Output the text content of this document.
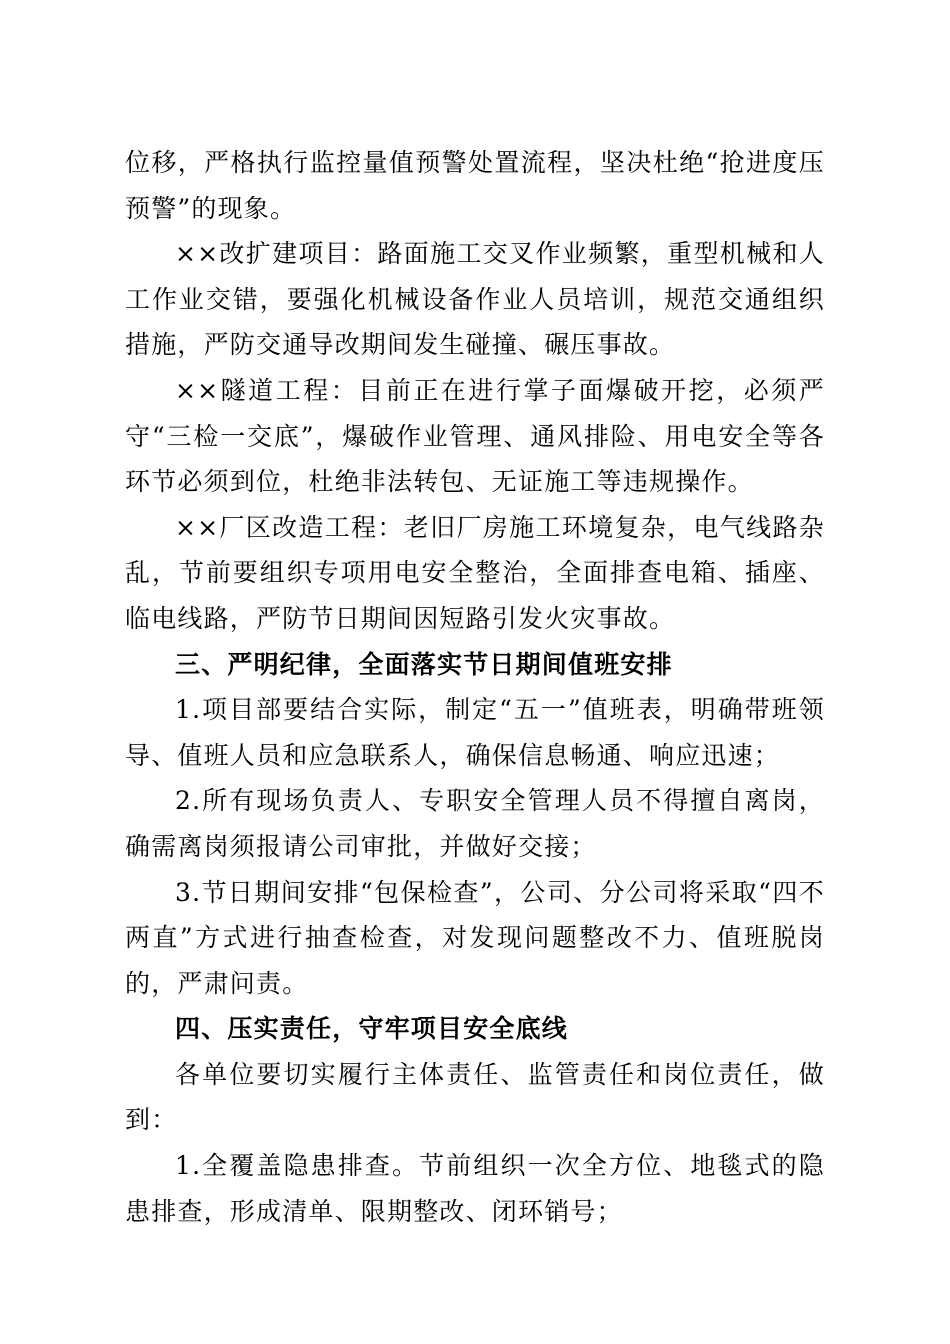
位移，严格执行监控量值预警处置流程，坚决杜绝“抢进度压预警”的现象。

××改扩建项目：路面施工交叉作业频繁，重型机械和人工作业交错，要强化机械设备作业人员培训，规范交通组织措施，严防交通导改期间发生碰撞、碾压事故。

××隧道工程：目前正在进行掌子面爆破开挖，必须严守“三检一交底”，爆破作业管理、通风排险、用电安全等各环节必须到位，杜绝非法转包、无证施工等违规操作。

××厂区改造工程：老旧厂房施工环境复杂，电气线路杂乱，节前要组织专项用电安全整治，全面排查电箱、插座、临电线路，严防节日期间因短路引发火灾事故。

三、严明纪律，全面落实节日期间值班安排

1.项目部要结合实际，制定“五一”值班表，明确带班领导、值班人员和应急联系人，确保信息畅通、响应迅速；

2.所有现场负责人、专职安全管理人员不得擅自离岗，确需离岗须报请公司审批，并做好交接；

3.节日期间安排“包保检查”，公司、分公司将采取“四不两直”方式进行抽查检查，对发现问题整改不力、值班脱岗的，严肃问责。

四、压实责任，守牢项目安全底线

各单位要切实履行主体责任、监管责任和岗位责任，做到：

1.全覆盖隐患排查。节前组织一次全方位、地毯式的隐患排查，形成清单、限期整改、闭环销号；
